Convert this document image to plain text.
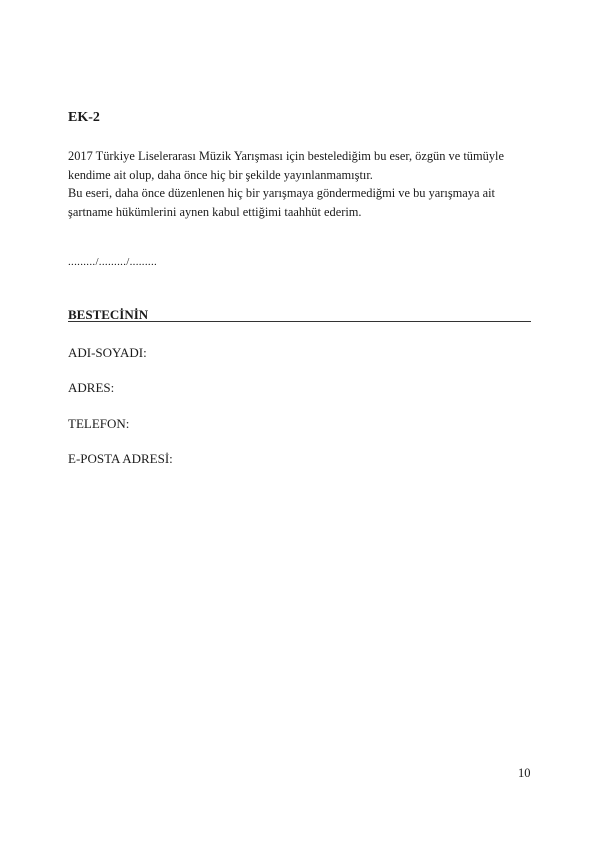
EK-2

2017 Türkiye Liselerarası Müzik Yarışması için bestelediğim bu eser, özgün ve tümüyle kendime ait olup, daha önce hiç bir şekilde yayınlanmamıştır.

Bu eseri, daha önce düzenlenen hiç bir yarışmaya göndermediğmi ve bu yarışmaya ait şartname hükümlerini aynen kabul ettiğimi taahhüt ederim.

........./........./.........
BESTECİNİN
ADI-SOYADI:
ADRES:
TELEFON:
E-POSTA ADRESİ:
10
